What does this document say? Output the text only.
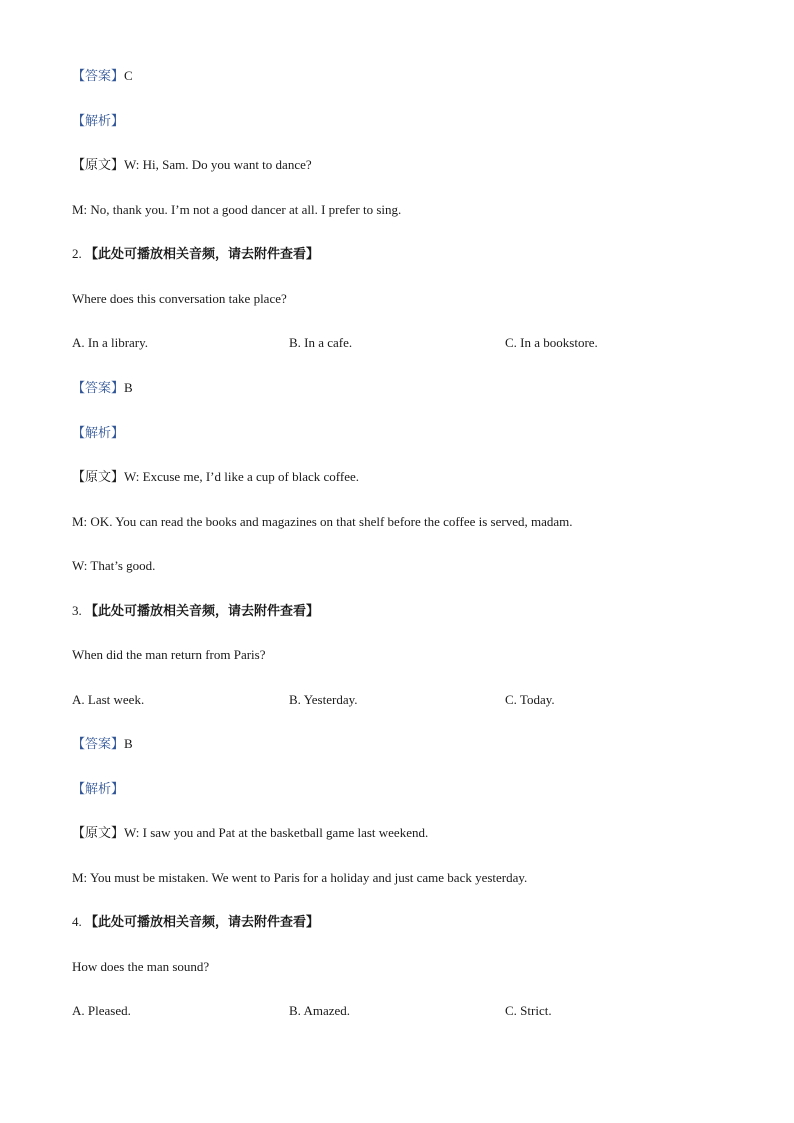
【答案】C
【解析】
【原文】W: Hi, Sam. Do you want to dance?
M: No, thank you. I’m not a good dancer at all. I prefer to sing.
2. 【此处可播放相关音频，请去附件查看】
Where does this conversation take place?
A. In a library.	B. In a cafe.	C. In a bookstore.
【答案】B
【解析】
【原文】W: Excuse me, I’d like a cup of black coffee.
M: OK. You can read the books and magazines on that shelf before the coffee is served, madam.
W: That’s good.
3. 【此处可播放相关音频，请去附件查看】
When did the man return from Paris?
A. Last week.	B. Yesterday.	C. Today.
【答案】B
【解析】
【原文】W: I saw you and Pat at the basketball game last weekend.
M: You must be mistaken. We went to Paris for a holiday and just came back yesterday.
4. 【此处可播放相关音频，请去附件查看】
How does the man sound?
A. Pleased.	B. Amazed.	C. Strict.
